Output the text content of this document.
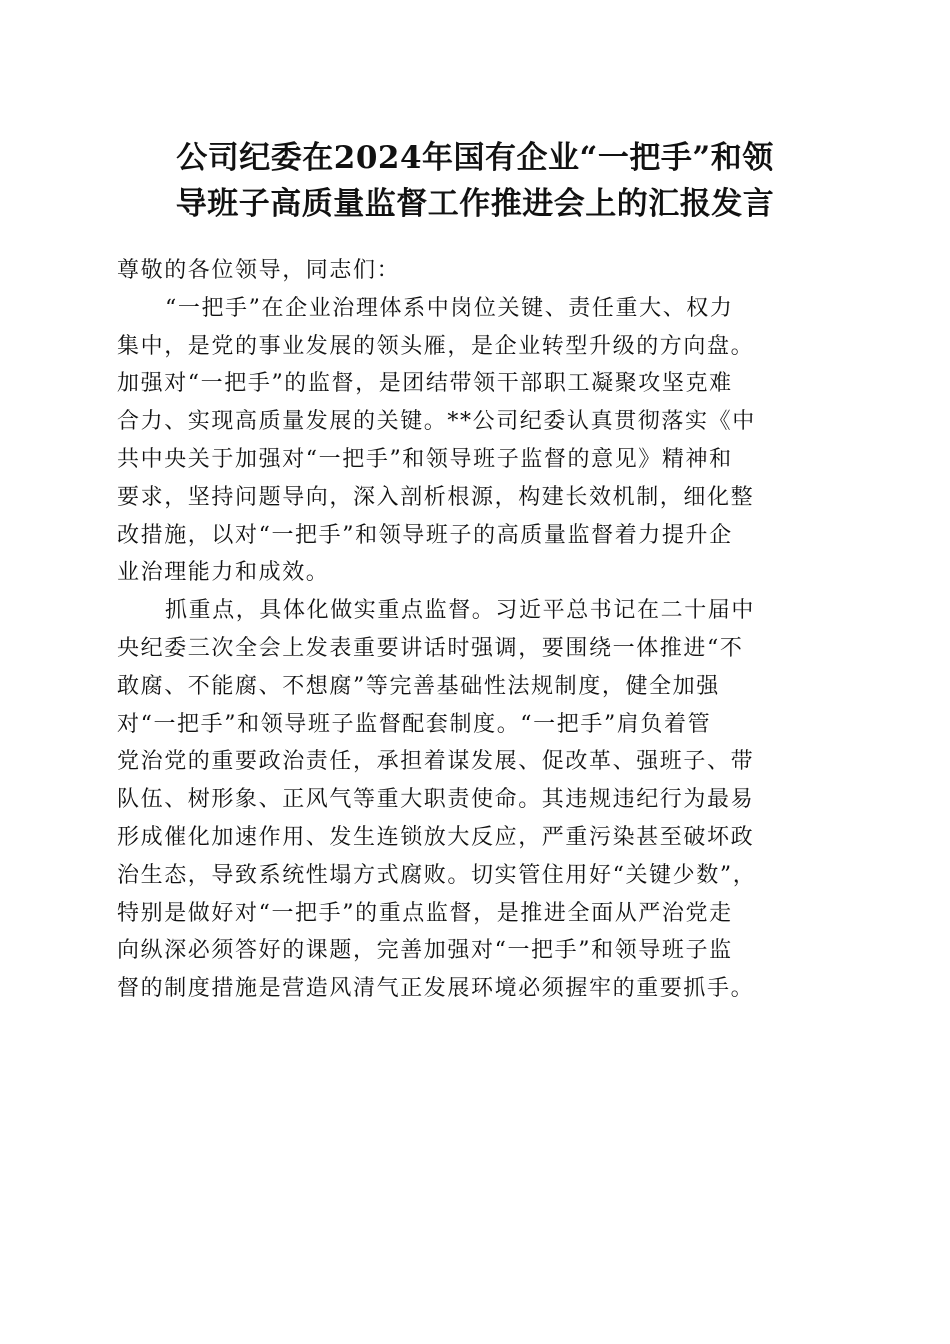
公司纪委在2024年国有企业“一把手”和领
导班子高质量监督工作推进会上的汇报发言
尊敬的各位领导，同志们：
“一把手”在企业治理体系中岗位关键、责任重大、权力
集中，是党的事业发展的领头雁，是企业转型升级的方向盘。
加强对“一把手”的监督，是团结带领干部职工凝聚攻坚克难
合力、实现高质量发展的关键。**公司纪委认真贯彻落实《中
共中央关于加强对“一把手”和领导班子监督的意见》精神和
要求，坚持问题导向，深入剖析根源，构建长效机制，细化整
改措施，以对“一把手”和领导班子的高质量监督着力提升企
业治理能力和成效。
抓重点，具体化做实重点监督。习近平总书记在二十届中
央纪委三次全会上发表重要讲话时强调，要围绕一体推进“不
敢腐、不能腐、不想腐”等完善基础性法规制度，健全加强
对“一把手”和领导班子监督配套制度。“一把手”肩负着管
党治党的重要政治责任，承担着谋发展、促改革、强班子、带
队伍、树形象、正风气等重大职责使命。其违规违纪行为最易
形成催化加速作用、发生连锁放大反应，严重污染甚至破坏政
治生态，导致系统性塌方式腐败。切实管住用好“关键少数”，
特别是做好对“一把手”的重点监督，是推进全面从严治党走
向纵深必须答好的课题，完善加强对“一把手”和领导班子监
督的制度措施是营造风清气正发展环境必须握牢的重要抓手。
